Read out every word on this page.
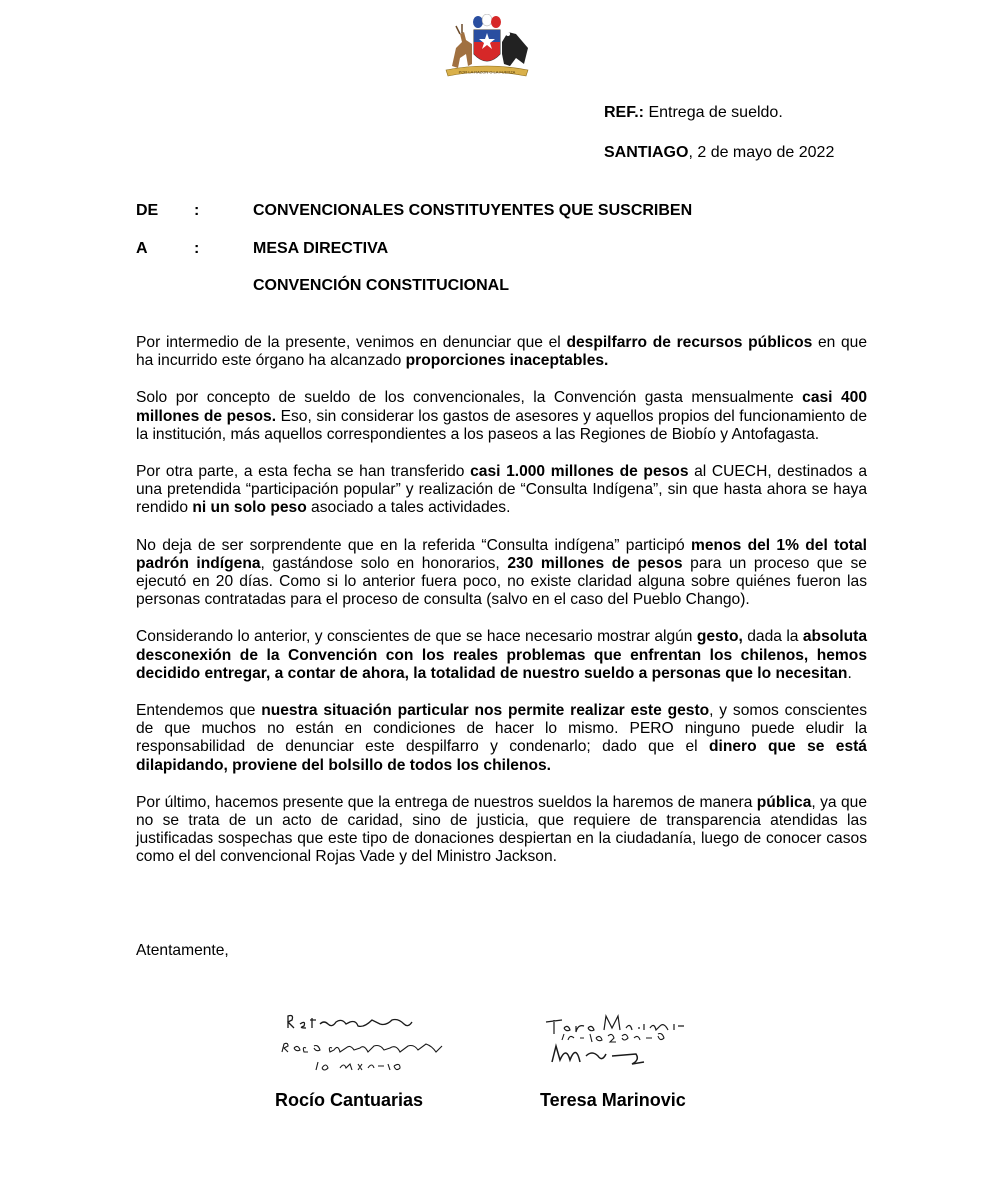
POR LA RAZON O LA FUERZA
REF.: Entrega de sueldo.
SANTIAGO, 2 de mayo de 2022
DE :	CONVENCIONALES CONSTITUYENTES QUE SUSCRIBEN
A	:	MESA DIRECTIVA
CONVENCIÓN CONSTITUCIONAL

Por intermedio de la presente, venimos en denunciar que el despilfarro de recursos públicos en que ha incurrido este órgano ha alcanzado proporciones inaceptables.

Solo por concepto de sueldo de los convencionales, la Convención gasta mensualmente casi 400 millones de pesos. Eso, sin considerar los gastos de asesores y aquellos propios del funcionamiento de la institución, más aquellos correspondientes a los paseos a las Regiones de Biobío y Antofagasta.

Por otra parte, a esta fecha se han transferido casi 1.000 millones de pesos al CUECH, destinados a una pretendida “participación popular” y realización de “Consulta Indígena”, sin que hasta ahora se haya rendido ni un solo peso asociado a tales actividades.

No deja de ser sorprendente que en la referida “Consulta indígena” participó menos del 1% del total padrón indígena, gastándose solo en honorarios, 230 millones de pesos para un proceso que se ejecutó en 20 días. Como si lo anterior fuera poco, no existe claridad alguna sobre quiénes fueron las personas contratadas para el proceso de consulta (salvo en el caso del Pueblo Chango).

Considerando lo anterior, y conscientes de que se hace necesario mostrar algún gesto, dada la absoluta desconexión de la Convención con los reales problemas que enfrentan los chilenos, hemos decidido entregar, a contar de ahora, la totalidad de nuestro sueldo a personas que lo necesitan.

Entendemos que nuestra situación particular nos permite realizar este gesto, y somos conscientes de que muchos no están en condiciones de hacer lo mismo. PERO ninguno puede eludir la responsabilidad de denunciar este despilfarro y condenarlo; dado que el dinero que se está dilapidando, proviene del bolsillo de todos los chilenos.

Por último, hacemos presente que la entrega de nuestros sueldos la haremos de manera pública, ya que no se trata de un acto de caridad, sino de justicia, que requiere de transparencia atendidas las justificadas sospechas que este tipo de donaciones despiertan en la ciudadanía, luego de conocer casos como el del convencional Rojas Vade y del Ministro Jackson.

Atentamente,
Rocío Cantuarias	Teresa Marinovic
